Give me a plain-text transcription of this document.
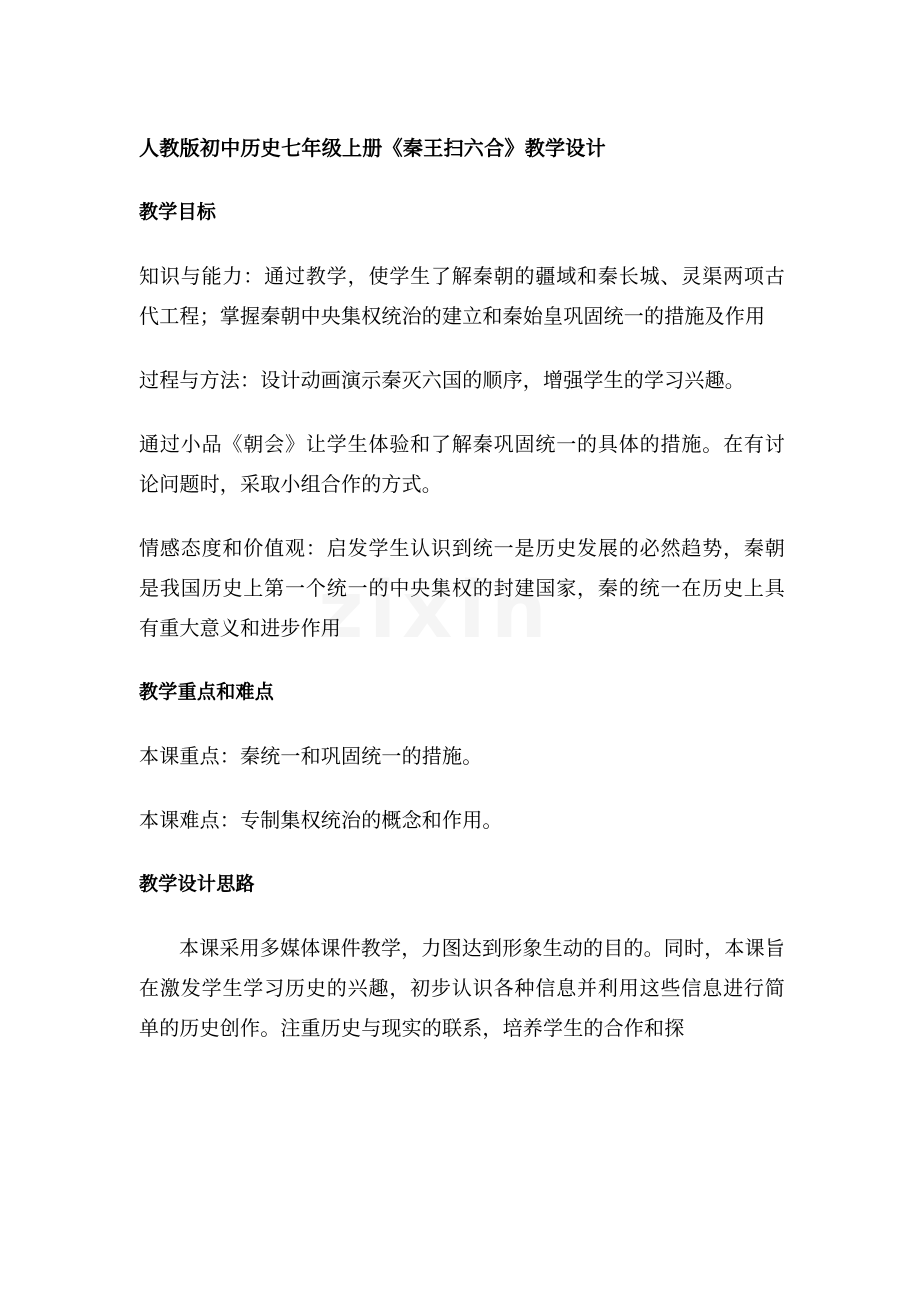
人教版初中历史七年级上册《秦王扫六合》教学设计
教学目标

知识与能力：通过教学，使学生了解秦朝的疆域和秦长城、灵渠两项古代工程；掌握秦朝中央集权统治的建立和秦始皇巩固统一的措施及作用

过程与方法：设计动画演示秦灭六国的顺序，增强学生的学习兴趣。

通过小品《朝会》让学生体验和了解秦巩固统一的具体的措施。在有讨论问题时，采取小组合作的方式。

情感态度和价值观：启发学生认识到统一是历史发展的必然趋势，秦朝是我国历史上第一个统一的中央集权的封建国家，秦的统一在历史上具有重大意义和进步作用

教学重点和难点

本课重点：秦统一和巩固统一的措施。

本课难点：专制集权统治的概念和作用。

教学设计思路

本课采用多媒体课件教学，力图达到形象生动的目的。同时，本课旨在激发学生学习历史的兴趣，初步认识各种信息并利用这些信息进行简单的历史创作。注重历史与现实的联系，培养学生的合作和探
